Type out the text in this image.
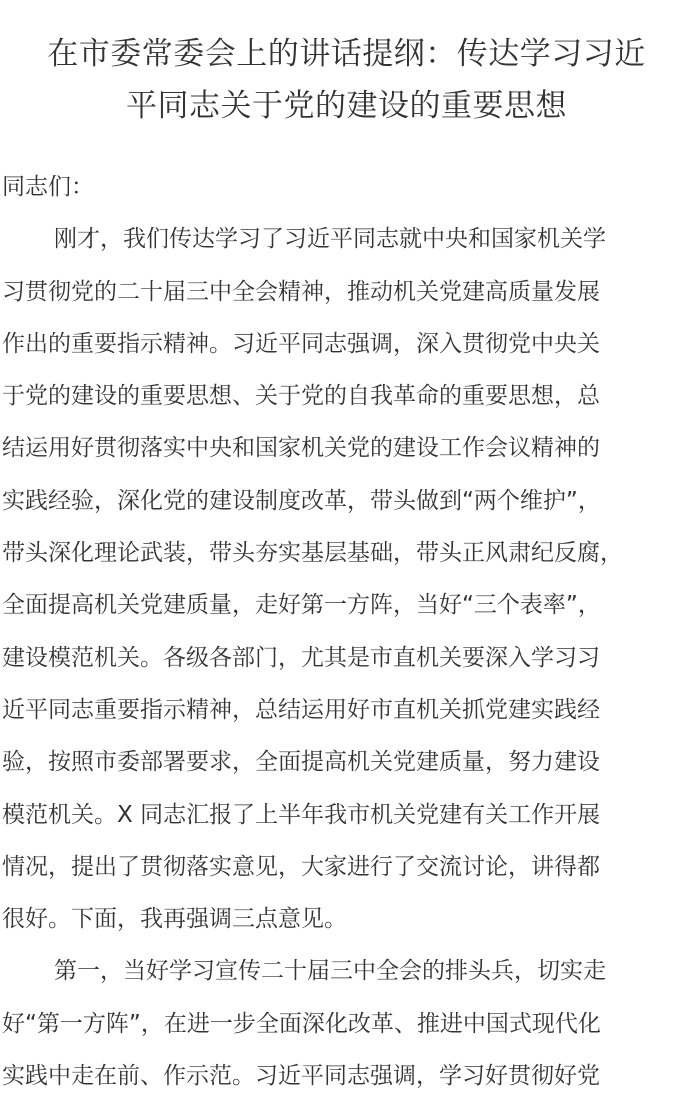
在市委常委会上的讲话提纲：传达学习习近
平同志关于党的建设的重要思想
同志们：
刚才，我们传达学习了习近平同志就中央和国家机关学
习贯彻党的二十届三中全会精神，推动机关党建高质量发展
作出的重要指示精神。习近平同志强调，深入贯彻党中央关
于党的建设的重要思想、关于党的自我革命的重要思想，总
结运用好贯彻落实中央和国家机关党的建设工作会议精神的
实践经验，深化党的建设制度改革，带头做到“两个维护”，
带头深化理论武装，带头夯实基层基础，带头正风肃纪反腐，
全面提高机关党建质量，走好第一方阵，当好“三个表率”，
建设模范机关。各级各部门，尤其是市直机关要深入学习习
近平同志重要指示精神，总结运用好市直机关抓党建实践经
验，按照市委部署要求，全面提高机关党建质量，努力建设
模范机关。X 同志汇报了上半年我市机关党建有关工作开展
情况，提出了贯彻落实意见，大家进行了交流讨论，讲得都
很好。下面，我再强调三点意见。
第一，当好学习宣传二十届三中全会的排头兵，切实走
好“第一方阵”，在进一步全面深化改革、推进中国式现代化
实践中走在前、作示范。习近平同志强调，学习好贯彻好党
